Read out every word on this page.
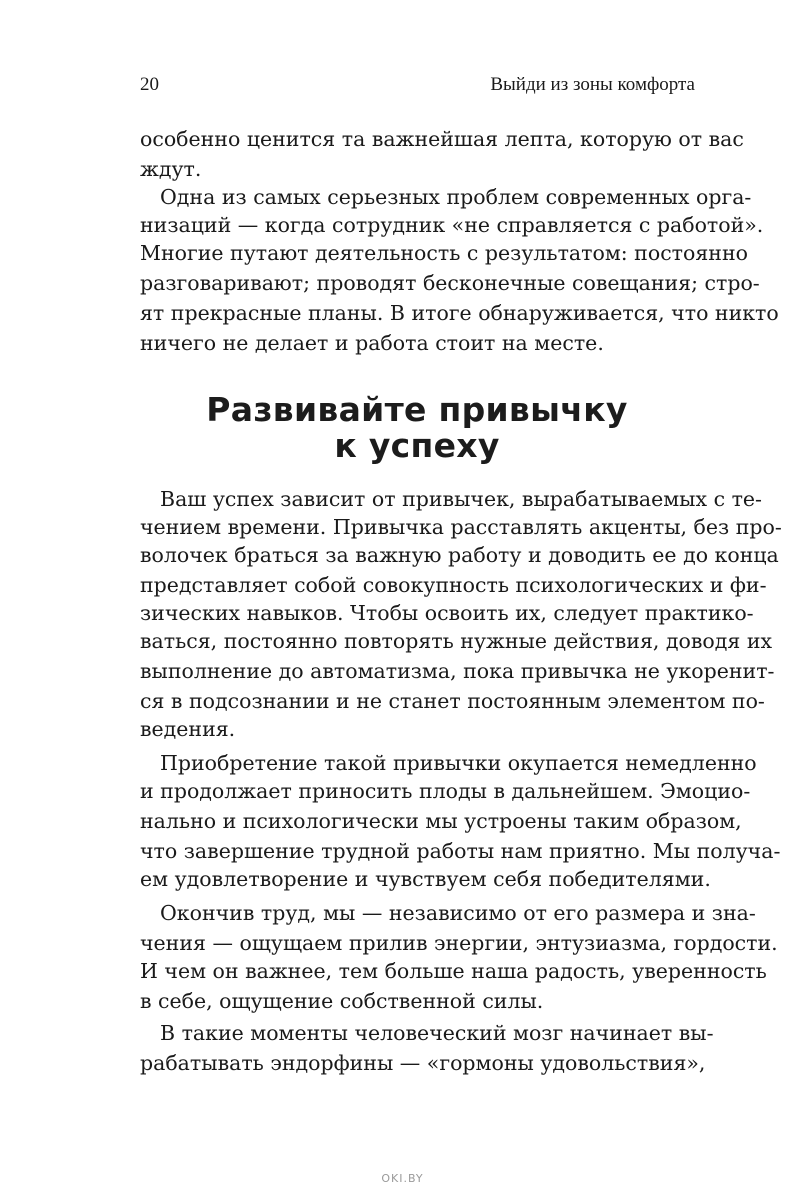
20	Выйди из зоны комфорта
особенно ценится та важнейшая лепта, которую от вас
ждут.
Одна из самых серьезных проблем современных орга-
низаций — когда сотрудник «не справляется с работой».
Многие путают деятельность с результатом: постоянно
разговаривают; проводят бесконечные совещания; стро-
ят прекрасные планы. В итоге обнаруживается, что никто
ничего не делает и работа стоит на месте.
Развивайте привычку
к успеху
Ваш успех зависит от привычек, вырабатываемых с те-
чением времени. Привычка расставлять акценты, без про-
волочек браться за важную работу и доводить ее до конца
представляет собой совокупность психологических и фи-
зических навыков. Чтобы освоить их, следует практико-
ваться, постоянно повторять нужные действия, доводя их
выполнение до автоматизма, пока привычка не укоренит-
ся в подсознании и не станет постоянным элементом по-
ведения.
Приобретение такой привычки окупается немедленно
и продолжает приносить плоды в дальнейшем. Эмоцио-
нально и психологически мы устроены таким образом,
что завершение трудной работы нам приятно. Мы получа-
ем удовлетворение и чувствуем себя победителями.
Окончив труд, мы — независимо от его размера и зна-
чения — ощущаем прилив энергии, энтузиазма, гордости.
И чем он важнее, тем больше наша радость, уверенность
в себе, ощущение собственной силы.
В такие моменты человеческий мозг начинает вы-
рабатывать эндорфины — «гормоны удовольствия»,
OKI.BY
